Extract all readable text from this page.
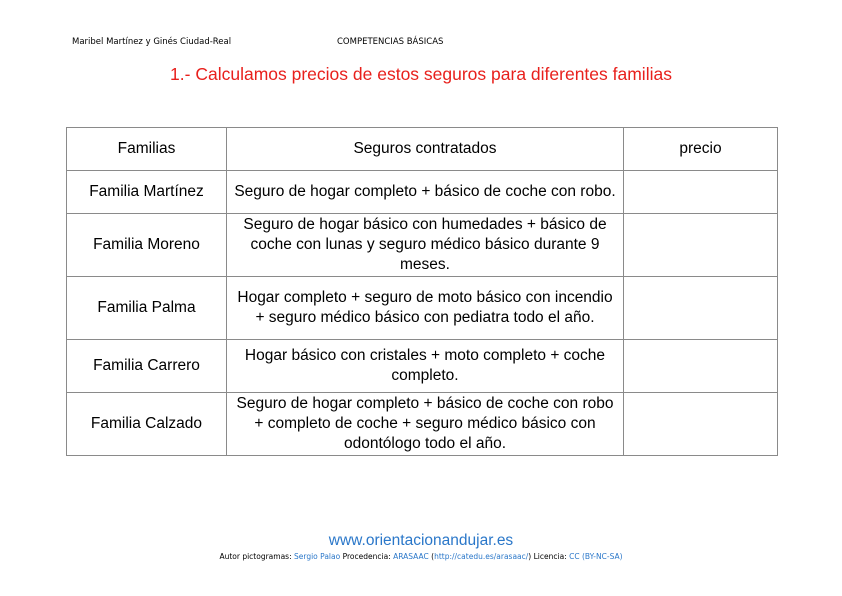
Maribel Martínez y Ginés Ciudad-Real	COMPETENCIAS BÁSICAS
1.- Calculamos precios de estos seguros para diferentes familias
Familias	Seguros contratados	precio
Familia Martínez	Seguro de hogar completo + básico de coche con robo.	
Familia Moreno	Seguro de hogar básico con humedades + básico de coche con lunas y seguro médico básico durante 9 meses.	
Familia Palma	Hogar completo + seguro de moto básico con incendio + seguro médico básico con pediatra todo el año.	
Familia Carrero	Hogar básico con cristales + moto completo + coche completo.	
Familia Calzado	Seguro de hogar completo + básico de coche con robo + completo de coche + seguro médico básico con odontólogo todo el año.	
www.orientacionandujar.es
Autor pictogramas: Sergio Palao Procedencia: ARASAAC (http://catedu.es/arasaac/) Licencia: CC (BY-NC-SA)
